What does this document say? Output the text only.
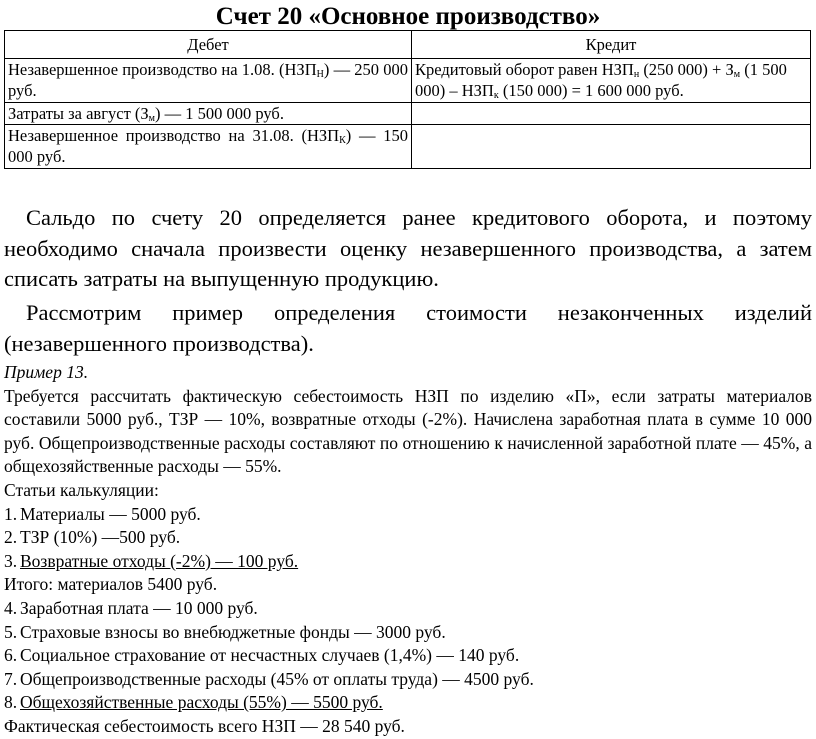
Счет 20 «Основное производство»
Дебет	Кредит
Незавершенное производство на 1.08. $(НЗП_Н)$ — 250 000 руб.	Кредитовый оборот равен $НЗП_н$ (250 $000) + З_м$ (1 500 $000) - НЗП_к$ (150 000) = 1 600 000 руб.
Затраты за август $(З_м)$ — 1 500 000 руб.	
Незавершенное производство на 31.08. $(НЗП_К)$ — 150 000 руб.	
Сальдо по счету 20 определяется ранее кредитового оборота, и поэтому необходимо сначала произвести оценку незавершенного производства, а затем списать затраты на выпущенную продукцию.
Рассмотрим пример определения стоимости незаконченных изделий (незавершенного производства).

Пример 13.

Требуется рассчитать фактическую себестоимость НЗП по изделию «П», если затраты материалов составили 5000 руб., ТЗР — 10%, возвратные отходы (-2%). Начислена заработная плата в сумме 10 000 руб. Общепроизводственные расходы составляют по отношению к начисленной заработной плате — 45%, а общехозяйственные расходы — 55%.

Статьи калькуляции:

1. Материалы — 5000 руб.

2. ТЗР (10%) —500 руб.

3. Возвратные отходы (-2%) — 100 руб.

Итого: материалов 5400 руб.

4. Заработная плата — 10 000 руб.

5. Страховые взносы во внебюджетные фонды — 3000 руб.

6. Социальное страхование от несчастных случаев (1,4%) — 140 руб.

7. Общепроизводственные расходы (45% от оплаты труда) — 4500 руб.

8. Общехозяйственные расходы (55%) — 5500 руб.

Фактическая себестоимость всего НЗП — 28 540 руб.
